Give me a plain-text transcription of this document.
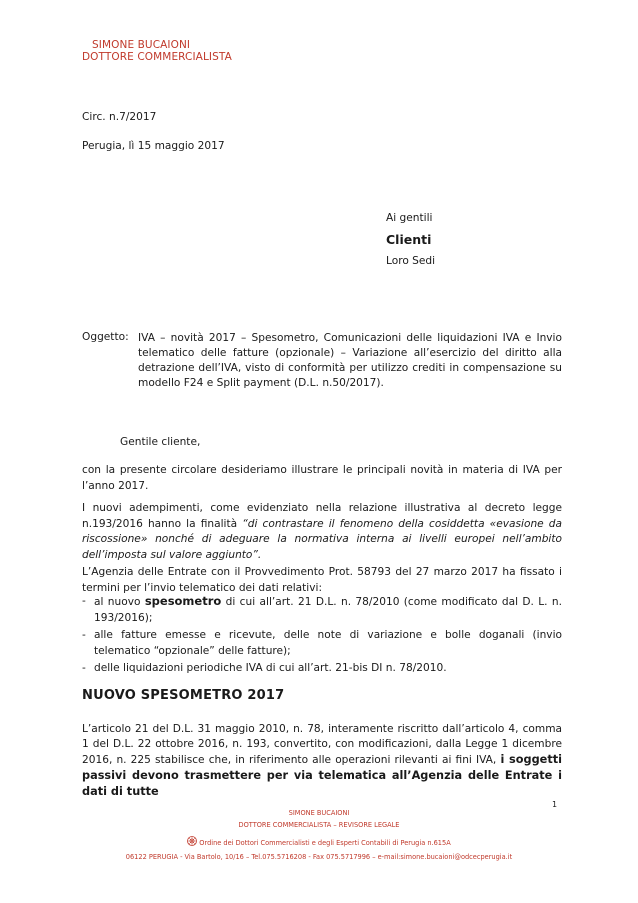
SIMONE BUCAIONI
DOTTORE COMMERCIALISTA
Circ. n.7/2017
Perugia, lì 15 maggio 2017
Ai gentili
Clienti
Loro Sedi
Oggetto: IVA – novità 2017 – Spesometro, Comunicazioni delle liquidazioni IVA e Invio telematico delle fatture (opzionale) – Variazione all’esercizio del diritto alla detrazione dell’IVA, visto di conformità per utilizzo crediti in compensazione su modello F24 e Split payment (D.L. n.50/2017).
Gentile cliente,
con la presente circolare desideriamo illustrare le principali novità in materia di IVA per l’anno 2017.
I nuovi adempimenti, come evidenziato nella relazione illustrativa al decreto legge n.193/2016 hanno la finalità “di contrastare il fenomeno della cosiddetta «evasione da riscossione» nonché di adeguare la normativa interna ai livelli europei nell’ambito dell’imposta sul valore aggiunto”.
L’Agenzia delle Entrate con il Provvedimento Prot. 58793 del 27 marzo 2017 ha fissato i termini per l’invio telematico dei dati relativi:
- al nuovo spesometro di cui all’art. 21 D.L. n. 78/2010 (come modificato dal D. L. n. 193/2016);
- alle fatture emesse e ricevute, delle note di variazione e bolle doganali (invio telematico “opzionale” delle fatture);
- delle liquidazioni periodiche IVA di cui all’art. 21-bis DI n. 78/2010.
NUOVO SPESOMETRO 2017
L’articolo 21 del D.L. 31 maggio 2010, n. 78, interamente riscritto dall’articolo 4, comma 1 del D.L. 22 ottobre 2016, n. 193, convertito, con modificazioni, dalla Legge 1 dicembre 2016, n. 225 stabilisce che, in riferimento alle operazioni rilevanti ai fini IVA, i soggetti passivi devono trasmettere per via telematica all’Agenzia delle Entrate i dati di tutte
1
SIMONE BUCAIONI
DOTTORE COMMERCIALISTA – REVISORE LEGALE
Ordine dei Dottori Commercialisti e degli Esperti Contabili di Perugia n.615A
06122 PERUGIA - Via Bartolo, 10/16 – Tel.075.5716208 - Fax 075.5717996 – e-mail:simone.bucaioni@odcecperugia.it
